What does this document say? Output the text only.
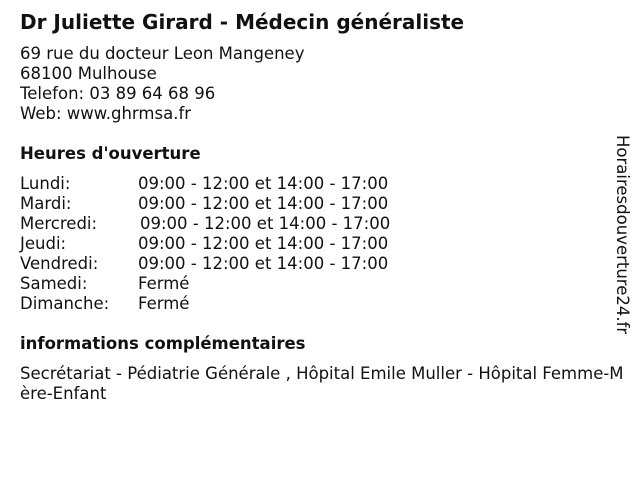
Dr Juliette Girard - Médecin généraliste
69 rue du docteur Leon Mangeney
68100 Mulhouse
Telefon: 03 89 64 68 96
Web: www.ghrmsa.fr
Heures d'ouverture
Lundi:	09:00 - 12:00 et 14:00 - 17:00
Mardi:	09:00 - 12:00 et 14:00 - 17:00
Mercredi:	09:00 - 12:00 et 14:00 - 17:00
Jeudi:	09:00 - 12:00 et 14:00 - 17:00
Vendredi: 09:00 - 12:00 et 14:00 - 17:00
Samedi:	Fermé
Dimanche: Fermé
informations complémentaires
Secrétariat - Pédiatrie Générale , Hôpital Emile Muller - Hôpital Femme-Mère-Enfant
Horairesdouverture24.fr
